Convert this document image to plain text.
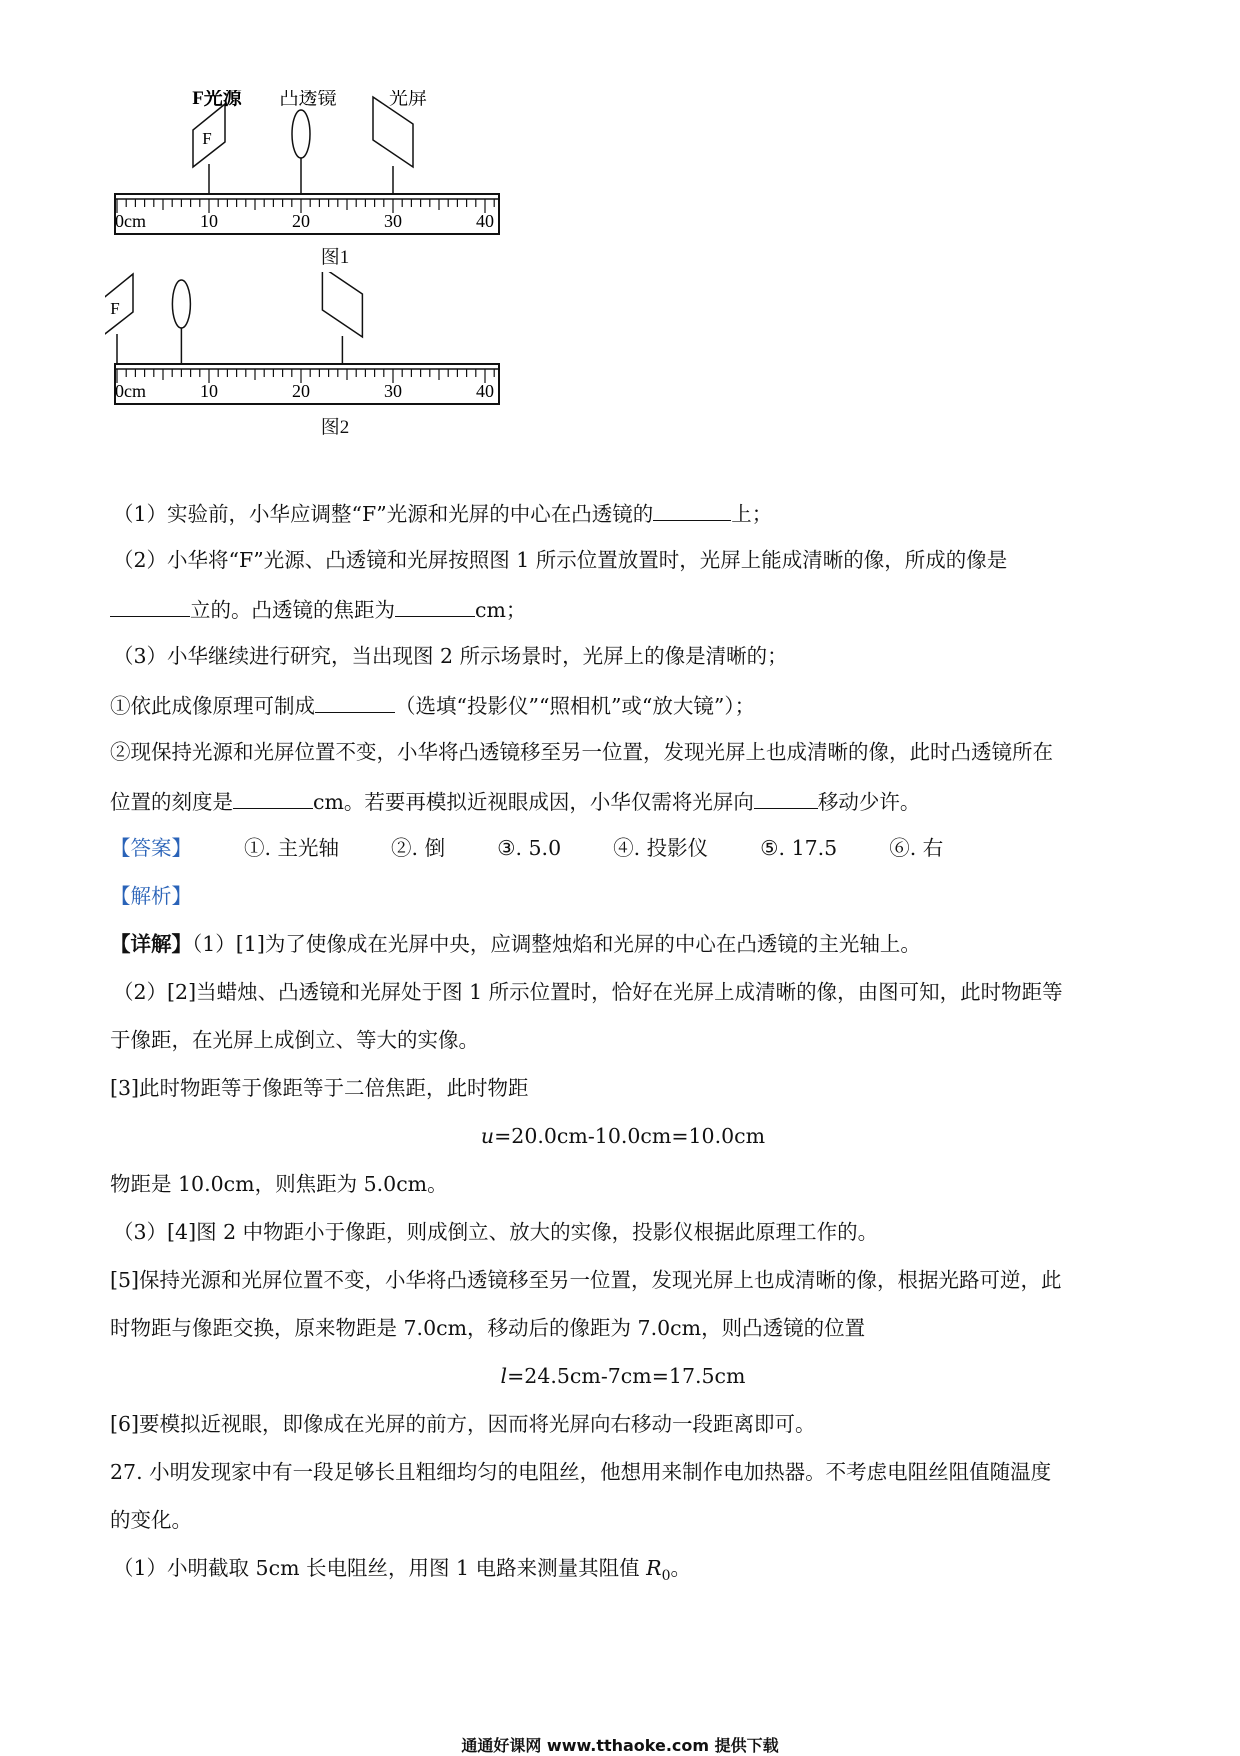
0cm	10	20	30	40
F
F光源 凸透镜	光屏
图1
0cm	10	20	30	40
F
图2
（1）实验前，小华应调整“F”光源和光屏的中心在凸透镜的	上；
（2）小华将“F”光源、凸透镜和光屏按照图 1 所示位置放置时，光屏上能成清晰的像，所成的像是
立的。凸透镜的焦距为	cm；
（3）小华继续进行研究，当出现图 2 所示场景时，光屏上的像是清晰的；
①依此成像原理可制成	（选填“投影仪”“照相机”或“放大镜”）；
②现保持光源和光屏位置不变，小华将凸透镜移至另一位置，发现光屏上也成清晰的像，此时凸透镜所在
位置的刻度是	cm。若要再模拟近视眼成因，小华仅需将光屏向	移动少许。
【答案】	①. 主光轴	②. 倒	③. 5.0	④. 投影仪	⑤. 17.5	⑥. 右
【解析】
【详解】（1）[1]为了使像成在光屏中央，应调整烛焰和光屏的中心在凸透镜的主光轴上。
（2）[2]当蜡烛、凸透镜和光屏处于图 1 所示位置时，恰好在光屏上成清晰的像，由图可知，此时物距等
于像距，在光屏上成倒立、等大的实像。
[3]此时物距等于像距等于二倍焦距，此时物距
u=20.0cm-10.0cm=10.0cm
物距是 10.0cm，则焦距为 5.0cm。
（3）[4]图 2 中物距小于像距，则成倒立、放大的实像，投影仪根据此原理工作的。
[5]保持光源和光屏位置不变，小华将凸透镜移至另一位置，发现光屏上也成清晰的像，根据光路可逆，此
时物距与像距交换，原来物距是 7.0cm，移动后的像距为 7.0cm，则凸透镜的位置
l=24.5cm-7cm=17.5cm
[6]要模拟近视眼，即像成在光屏的前方，因而将光屏向右移动一段距离即可。
27. 小明发现家中有一段足够长且粗细均匀的电阻丝，他想用来制作电加热器。不考虑电阻丝阻值随温度
的变化。
（1）小明截取 5cm 长电阻丝，用图 1 电路来测量其阻值 $R_0$。
通通好课网 www.tthaoke.com 提供下载
